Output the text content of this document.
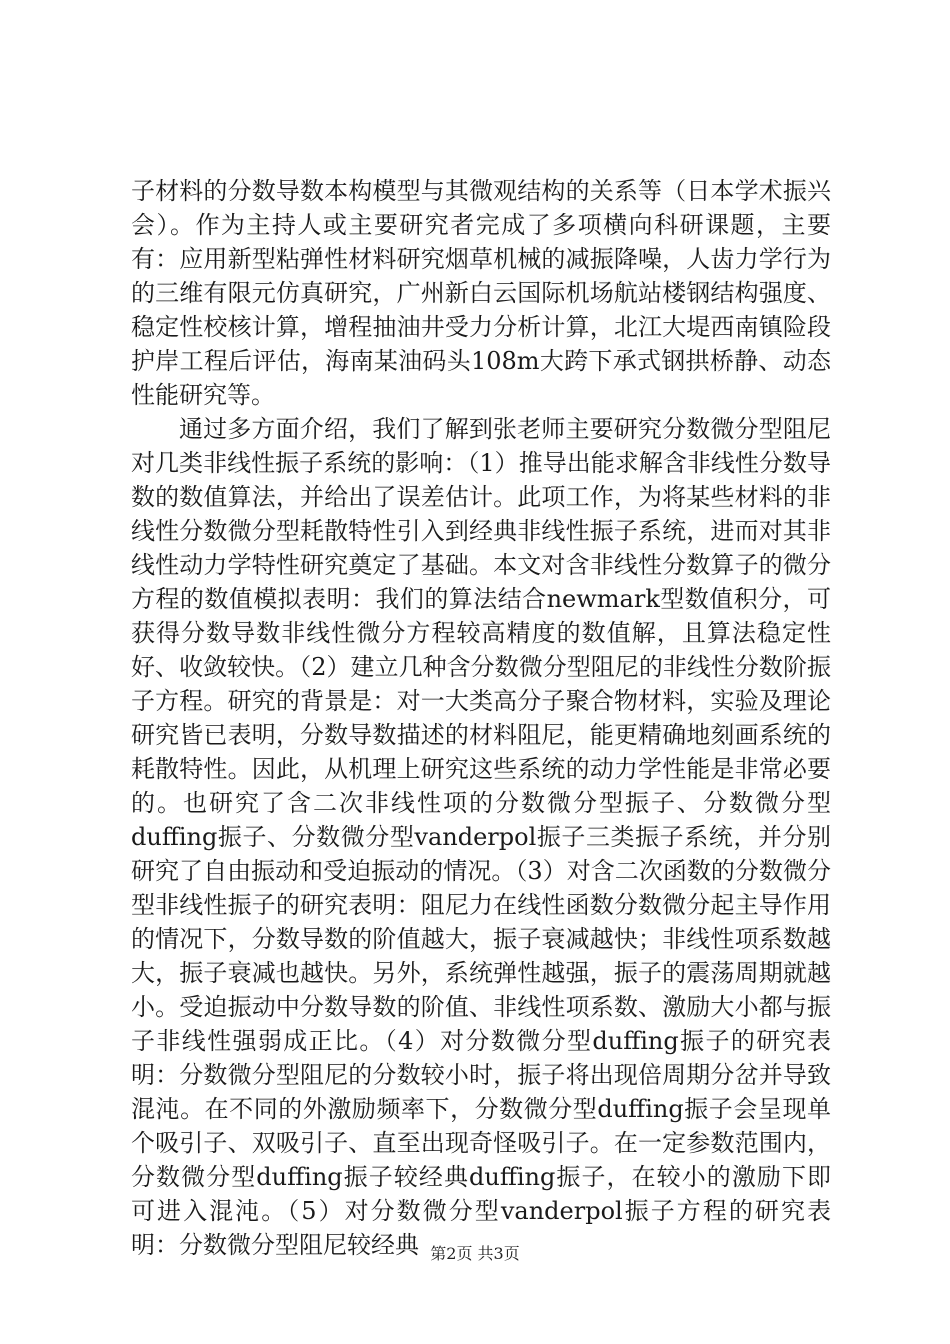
子材料的分数导数本构模型与其微观结构的关系等（日本学术振兴会）。作为主持人或主要研究者完成了多项横向科研课题，主要有：应用新型粘弹性材料研究烟草机械的减振降噪，人齿力学行为的三维有限元仿真研究，广州新白云国际机场航站楼钢结构强度、稳定性校核计算，增程抽油井受力分析计算，北江大堤西南镇险段护岸工程后评估，海南某油码头108m大跨下承式钢拱桥静、动态性能研究等。

通过多方面介绍，我们了解到张老师主要研究分数微分型阻尼对几类非线性振子系统的影响：（1）推导出能求解含非线性分数导数的数值算法，并给出了误差估计。此项工作，为将某些材料的非线性分数微分型耗散特性引入到经典非线性振子系统，进而对其非线性动力学特性研究奠定了基础。本文对含非线性分数算子的微分方程的数值模拟表明：我们的算法结合newmark型数值积分，可获得分数导数非线性微分方程较高精度的数值解，且算法稳定性好、收敛较快。（2）建立几种含分数微分型阻尼的非线性分数阶振子方程。研究的背景是：对一大类高分子聚合物材料，实验及理论研究皆已表明，分数导数描述的材料阻尼，能更精确地刻画系统的耗散特性。因此，从机理上研究这些系统的动力学性能是非常必要的。也研究了含二次非线性项的分数微分型振子、分数微分型duffing振子、分数微分型vanderpol振子三类振子系统，并分别研究了自由振动和受迫振动的情况。（3）对含二次函数的分数微分型非线性振子的研究表明：阻尼力在线性函数分数微分起主导作用的情况下，分数导数的阶值越大，振子衰减越快；非线性项系数越大，振子衰减也越快。另外，系统弹性越强，振子的震荡周期就越小。受迫振动中分数导数的阶值、非线性项系数、激励大小都与振子非线性强弱成正比。（4）对分数微分型duffing振子的研究表明：分数微分型阻尼的分数较小时，振子将出现倍周期分岔并导致混沌。在不同的外激励频率下，分数微分型duffing振子会呈现单个吸引子、双吸引子、直至出现奇怪吸引子。在一定参数范围内，分数微分型duffing振子较经典duffing振子，在较小的激励下即可进入混沌。（5）对分数微分型vanderpol振子方程的研究表明：分数微分型阻尼较经典 第2页 共3页
